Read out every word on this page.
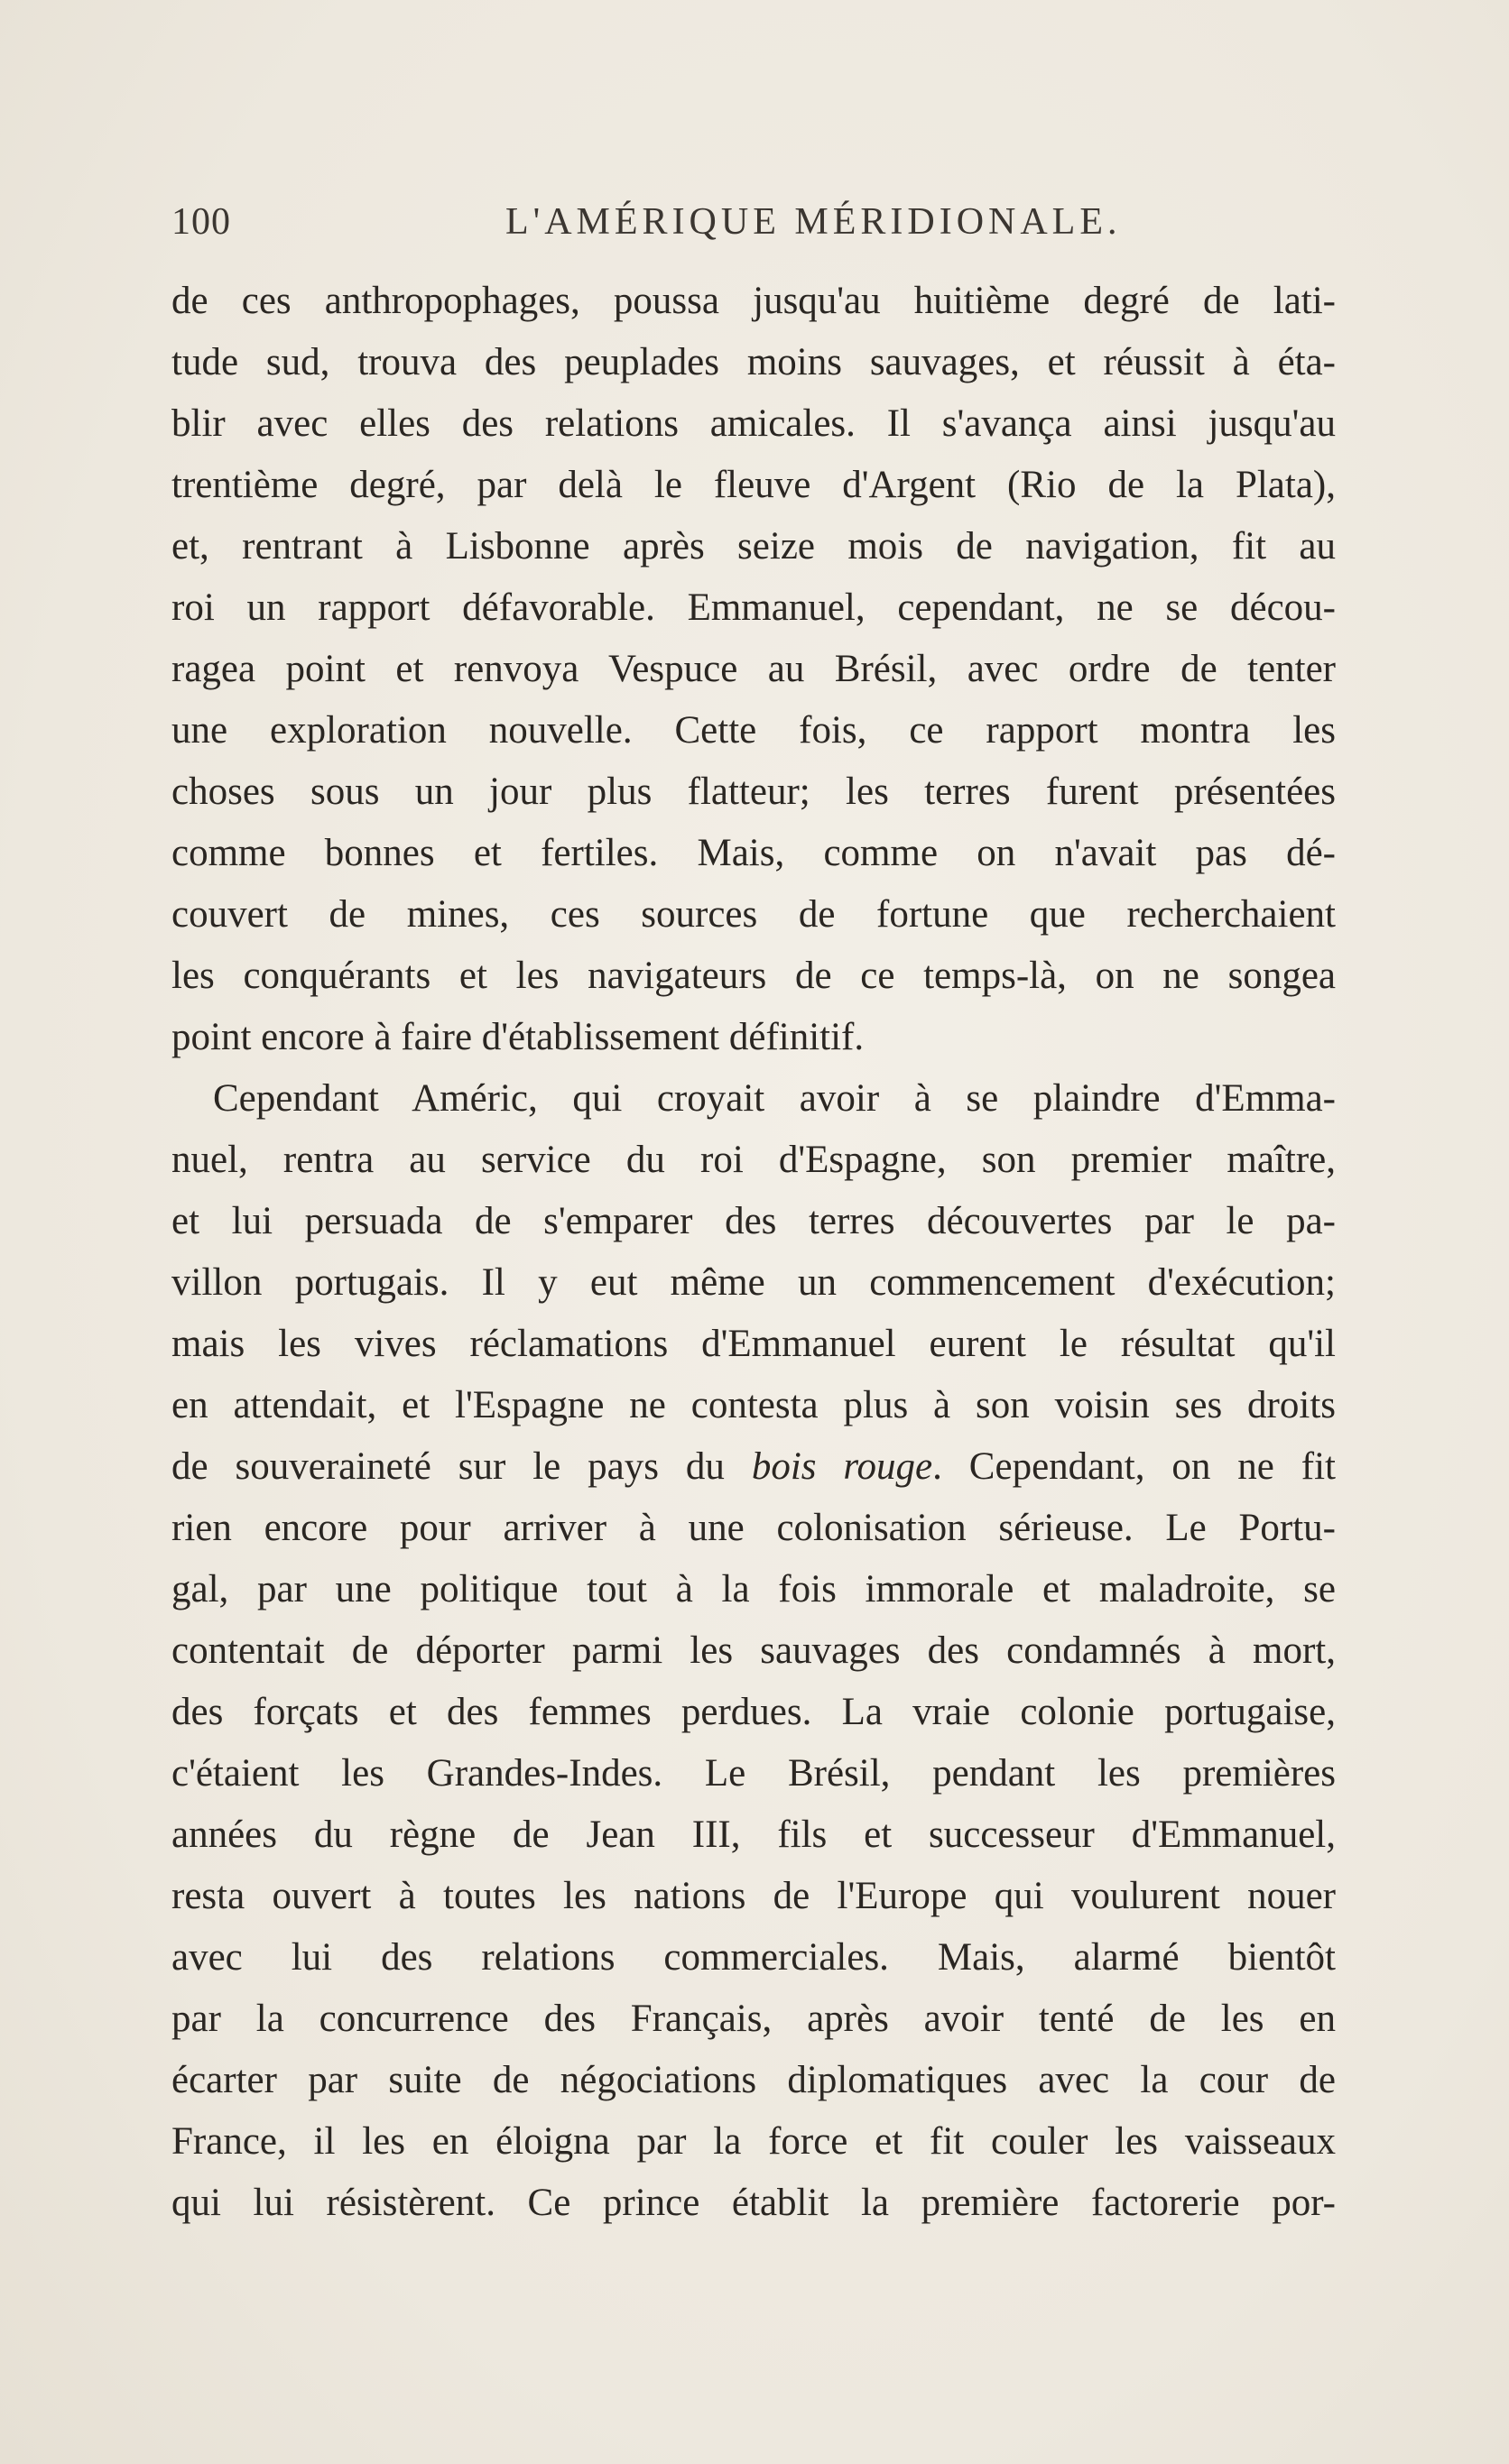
100	L'AMÉRIQUE MÉRIDIONALE.
de ces anthropophages, poussa jusqu'au huitième degré de lati-
tude sud, trouva des peuplades moins sauvages, et réussit à éta-
blir avec elles des relations amicales. Il s'avança ainsi jusqu'au
trentième degré, par delà le fleuve d'Argent (Rio de la Plata),
et, rentrant à Lisbonne après seize mois de navigation, fit au
roi un rapport défavorable. Emmanuel, cependant, ne se décou-
ragea point et renvoya Vespuce au Brésil, avec ordre de tenter
une exploration nouvelle. Cette fois, ce rapport montra les
choses sous un jour plus flatteur; les terres furent présentées
comme bonnes et fertiles. Mais, comme on n'avait pas dé-
couvert de mines, ces sources de fortune que recherchaient
les conquérants et les navigateurs de ce temps-là, on ne songea
point encore à faire d'établissement définitif.
Cependant Améric, qui croyait avoir à se plaindre d'Emma-
nuel, rentra au service du roi d'Espagne, son premier maître,
et lui persuada de s'emparer des terres découvertes par le pa-
villon portugais. Il y eut même un commencement d'exécution;
mais les vives réclamations d'Emmanuel eurent le résultat qu'il
en attendait, et l'Espagne ne contesta plus à son voisin ses droits
de souveraineté sur le pays du bois rouge. Cependant, on ne fit
rien encore pour arriver à une colonisation sérieuse. Le Portu-
gal, par une politique tout à la fois immorale et maladroite, se
contentait de déporter parmi les sauvages des condamnés à mort,
des forçats et des femmes perdues. La vraie colonie portugaise,
c'étaient les Grandes-Indes. Le Brésil, pendant les premières
années du règne de Jean III, fils et successeur d'Emmanuel,
resta ouvert à toutes les nations de l'Europe qui voulurent nouer
avec lui des relations commerciales. Mais, alarmé bientôt
par la concurrence des Français, après avoir tenté de les en
écarter par suite de négociations diplomatiques avec la cour de
France, il les en éloigna par la force et fit couler les vaisseaux
qui lui résistèrent. Ce prince établit la première factorerie por-
